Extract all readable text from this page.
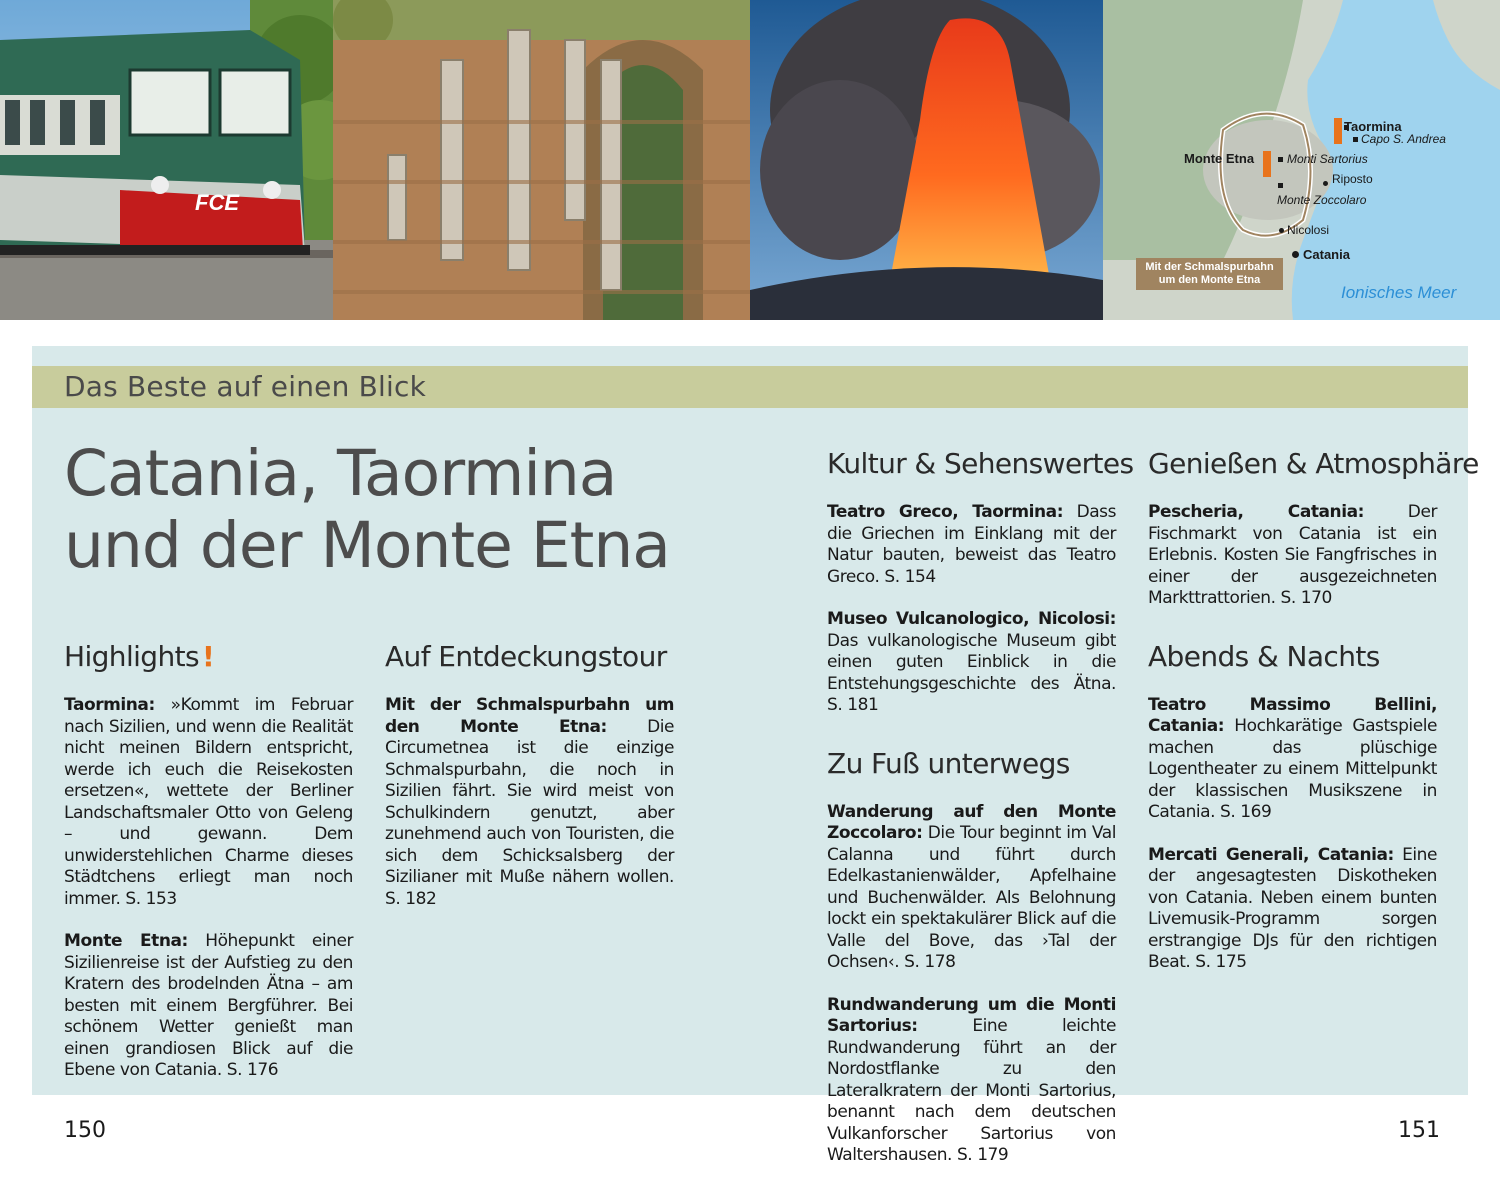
FCE
Taormina
Capo S. Andrea
Monte Etna	Monti Sartorius
Riposto
Monte Zoccolaro
Nicolosi
Catania
Mit der Schmalspurbahn
um den Monte Etna
Ionisches Meer
Das Beste auf einen Blick
Catania, Taormina
und der Monte Etna
Highlights !

Taormina: »Kommt im Februar nach Sizilien, und wenn die Realität nicht meinen Bildern entspricht, werde ich euch die Reisekosten ersetzen«, wettete der Berliner Landschaftsmaler Otto von Geleng – und gewann. Dem unwiderstehlichen Charme dieses Städtchens erliegt man noch immer. S. 153

Monte Etna: Höhepunkt einer Sizilienreise ist der Aufstieg zu den Kratern des brodelnden Ätna – am besten mit einem Bergführer. Bei schönem Wetter genießt man einen grandiosen Blick auf die Ebene von Catania. S. 176

Auf Entdeckungstour

Mit der Schmalspurbahn um den Monte Etna: Die Circumetnea ist die einzige Schmalspurbahn, die noch in Sizilien fährt. Sie wird meist von Schulkindern genutzt, aber zunehmend auch von Touristen, die sich dem Schicksalsberg der Sizilianer mit Muße nähern wollen. S. 182

Kultur & Sehenswertes

Teatro Greco, Taormina: Dass die Griechen im Einklang mit der Natur bauten, beweist das Teatro Greco. S. 154

Museo Vulcanologico, Nicolosi: Das vulkanologische Museum gibt einen guten Einblick in die Entstehungsgeschichte des Ätna. S. 181

Zu Fuß unterwegs

Wanderung auf den Monte Zoccolaro: Die Tour beginnt im Val Calanna und führt durch Edelkastanienwälder, Apfelhaine und Buchenwälder. Als Belohnung lockt ein spektakulärer Blick auf die Valle del Bove, das ›Tal der Ochsen‹. S. 178

Rundwanderung um die Monti Sartorius: Eine leichte Rundwanderung führt an der Nordostflanke zu den Lateralkratern der Monti Sartorius, benannt nach dem deutschen Vulkanforscher Sartorius von Waltershausen. S. 179

Genießen & Atmosphäre

Pescheria, Catania: Der Fischmarkt von Catania ist ein Erlebnis. Kosten Sie Fangfrisches in einer der ausgezeichneten Markttrattorien. S. 170

Abends & Nachts

Teatro Massimo Bellini, Catania: Hochkarätige Gastspiele machen das plüschige Logentheater zu einem Mittelpunkt der klassischen Musikszene in Catania. S. 169

Mercati Generali, Catania: Eine der angesagtesten Diskotheken von Catania. Neben einem bunten Livemusik-Programm sorgen erstrangige DJs für den richtigen Beat. S. 175

150	151
